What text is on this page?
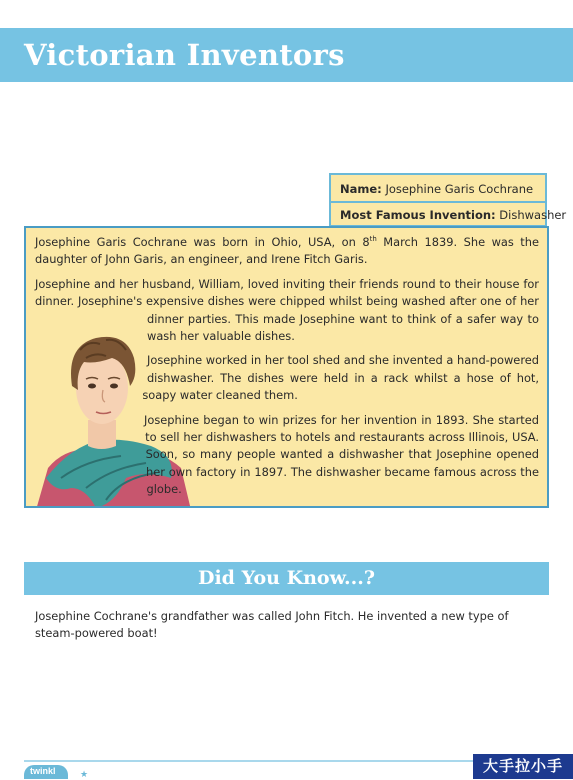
Victorian Inventors
Name: Josephine Garis Cochrane
Most Famous Invention: Dishwasher

Josephine Garis Cochrane was born in Ohio, USA, on 8th March 1839. She was the daughter of John Garis, an engineer, and Irene Fitch Garis.

Josephine and her husband, William, loved inviting their friends round to their house for dinner. Josephine's expensive dishes were chipped whilst being washed after one of her dinner parties. This made Josephine want to think of a safer way to wash her valuable dishes.

Josephine worked in her tool shed and she invented a hand-powered dishwasher. The dishes were held in a rack whilst a hose of hot, soapy water cleaned them.

Josephine began to win prizes for her invention in 1893. She started to sell her dishwashers to hotels and restaurants across Illinois, USA. Soon, so many people wanted a dishwasher that Josephine opened her own factory in 1897. The dishwasher became famous across the globe.

Did You Know...?
Josephine Cochrane's grandfather was called John Fitch. He invented a new type of steam-powered boat!
twinkl	★	大手拉小手
